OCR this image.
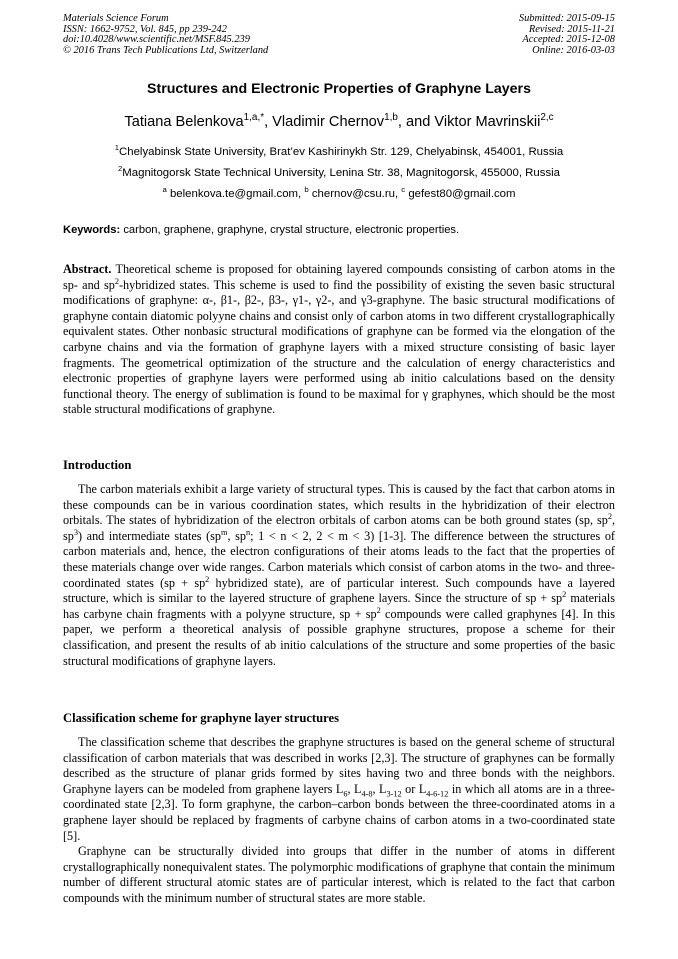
Materials Science Forum
ISSN: 1662-9752, Vol. 845, pp 239-242
doi:10.4028/www.scientific.net/MSF.845.239
© 2016 Trans Tech Publications Ltd, Switzerland
Submitted: 2015-09-15
Revised: 2015-11-21
Accepted: 2015-12-08
Online: 2016-03-03
Structures and Electronic Properties of Graphyne Layers
Tatiana Belenkova$^{1,a,*}$, Vladimir Chernov$^{1,b}$, and Viktor Mavrinskii$^{2,c}$
$^1$Chelyabinsk State University, Brat’ev Kashirinykh Str. 129, Chelyabinsk, 454001, Russia
$^2$Magnitogorsk State Technical University, Lenina Str. 38, Magnitogorsk, 455000, Russia
$^a$ belenkova.te@gmail.com, $^b$ chernov@csu.ru, $^c$ gefest80@gmail.com
Keywords: carbon, graphene, graphyne, crystal structure, electronic properties.

Abstract. Theoretical scheme is proposed for obtaining layered compounds consisting of carbon atoms in the sp- and $sp^2$-hybridized states. This scheme is used to find the possibility of existing the seven basic structural modifications of graphyne: α-, β1-, β2-, β3-, γ1-, γ2-, and γ3-graphyne. The basic structural modifications of graphyne contain diatomic polyyne chains and consist only of carbon atoms in two different crystallographically equivalent states. Other nonbasic structural modifications of graphyne can be formed via the elongation of the carbyne chains and via the formation of graphyne layers with a mixed structure consisting of basic layer fragments. The geometrical optimization of the structure and the calculation of energy characteristics and electronic properties of graphyne layers were performed using ab initio calculations based on the density functional theory. The energy of sublimation is found to be maximal for γ graphynes, which should be the most stable structural modifications of graphyne.

Introduction

The carbon materials exhibit a large variety of structural types. This is caused by the fact that carbon atoms in these compounds can be in various coordination states, which results in the hybridization of their electron orbitals. The states of hybridization of the electron orbitals of carbon atoms can be both ground states (sp, $sp^2$, $sp^3$) and intermediate states ($sp^m$, $sp^n$; 1 < n < 2, 2 < m < 3) [1-3]. The difference between the structures of carbon materials and, hence, the electron configurations of their atoms leads to the fact that the properties of these materials change over wide ranges. Carbon materials which consist of carbon atoms in the two- and three-coordinated states ($sp + sp^2$ hybridized state), are of particular interest. Such compounds have a layered structure, which is similar to the layered structure of graphene layers. Since the structure of sp + $sp^2$ materials has carbyne chain fragments with a polyyne structure, sp + $sp^2$ compounds were called graphynes [4]. In this paper, we perform a theoretical analysis of possible graphyne structures, propose a scheme for their classification, and present the results of ab initio calculations of the structure and some properties of the basic structural modifications of graphyne layers.

Classification scheme for graphyne layer structures

The classification scheme that describes the graphyne structures is based on the general scheme of structural classification of carbon materials that was described in works [2,3]. The structure of graphynes can be formally described as the structure of planar grids formed by sites having two and three bonds with the neighbors. Graphyne layers can be modeled from graphene layers $L_6$, $L_{4-8}$, $L_{3-12}$ or $L_{4-6-12}$ in which all atoms are in a three-coordinated state [2,3]. To form graphyne, the carbon–carbon bonds between the three-coordinated atoms in a graphene layer should be replaced by fragments of carbyne chains of carbon atoms in a two-coordinated state [5].

Graphyne can be structurally divided into groups that differ in the number of atoms in different crystallographically nonequivalent states. The polymorphic modifications of graphyne that contain the minimum number of different structural atomic states are of particular interest, which is related to the fact that carbon compounds with the minimum number of structural states are more stable.
